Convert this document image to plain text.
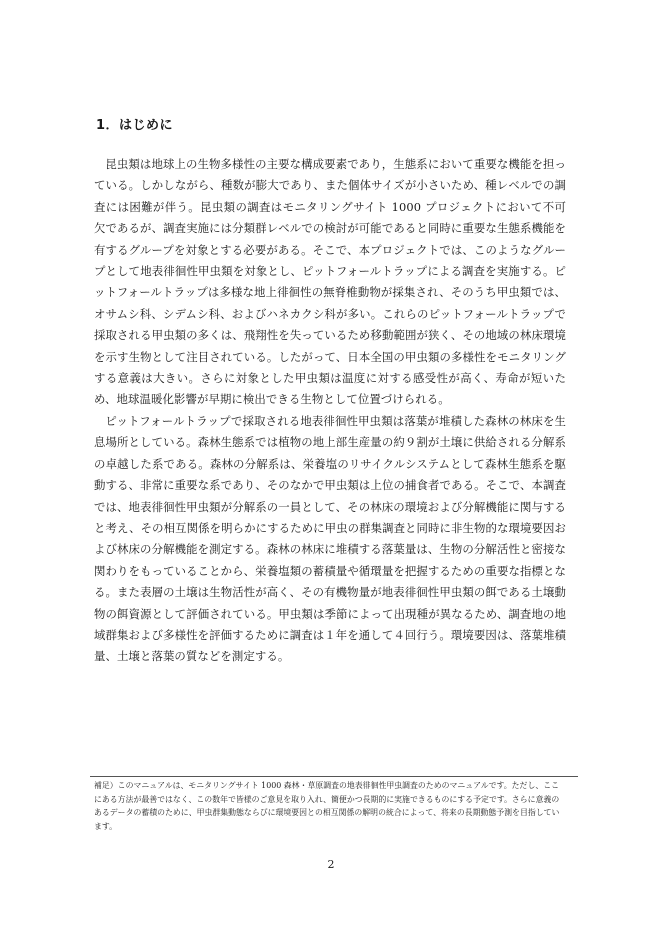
1．はじめに

昆虫類は地球上の生物多様性の主要な構成要素であり，生態系において重要な機能を担っている。しかしながら、種数が膨大であり、また個体サイズが小さいため、種レベルでの調査には困難が伴う。昆虫類の調査はモニタリングサイト 1000 プロジェクトにおいて不可欠であるが、調査実施には分類群レベルでの検討が可能であると同時に重要な生態系機能を有するグループを対象とする必要がある。そこで、本プロジェクトでは、このようなグループとして地表徘徊性甲虫類を対象とし、ピットフォールトラップによる調査を実施する。ピットフォールトラップは多様な地上徘徊性の無脊椎動物が採集され、そのうち甲虫類では、オサムシ科、シデムシ科、およびハネカクシ科が多い。これらのピットフォールトラップで採取される甲虫類の多くは、飛翔性を失っているため移動範囲が狭く、その地域の林床環境を示す生物として注目されている。したがって、日本全国の甲虫類の多様性をモニタリングする意義は大きい。さらに対象とした甲虫類は温度に対する感受性が高く、寿命が短いため、地球温暖化影響が早期に検出できる生物として位置づけられる。

ピットフォールトラップで採取される地表徘徊性甲虫類は落葉が堆積した森林の林床を生息場所としている。森林生態系では植物の地上部生産量の約９割が土壌に供給される分解系の卓越した系である。森林の分解系は、栄養塩のリサイクルシステムとして森林生態系を駆動する、非常に重要な系であり、そのなかで甲虫類は上位の捕食者である。そこで、本調査では、地表徘徊性甲虫類が分解系の一員として、その林床の環境および分解機能に関与すると考え、その相互関係を明らかにするために甲虫の群集調査と同時に非生物的な環境要因および林床の分解機能を測定する。森林の林床に堆積する落葉量は、生物の分解活性と密接な関わりをもっていることから、栄養塩類の蓄積量や循環量を把握するための重要な指標となる。また表層の土壌は生物活性が高く、その有機物量が地表徘徊性甲虫類の餌である土壌動物の餌資源として評価されている。甲虫類は季節によって出現種が異なるため、調査地の地域群集および多様性を評価するために調査は１年を通して４回行う。環境要因は、落葉堆積量、土壌と落葉の質などを測定する。

補足）このマニュアルは、モニタリングサイト 1000 森林・草原調査の地表徘徊性甲虫調査のためのマニュアルです。ただし、ここにある方法が最善ではなく、この数年で皆様のご意見を取り入れ、簡便かつ長期的に実施できるものにする予定です。さらに意義のあるデータの蓄積のために、甲虫群集動態ならびに環境要因との相互関係の解明の統合によって、将来の長期動態予測を目指しています。

2
